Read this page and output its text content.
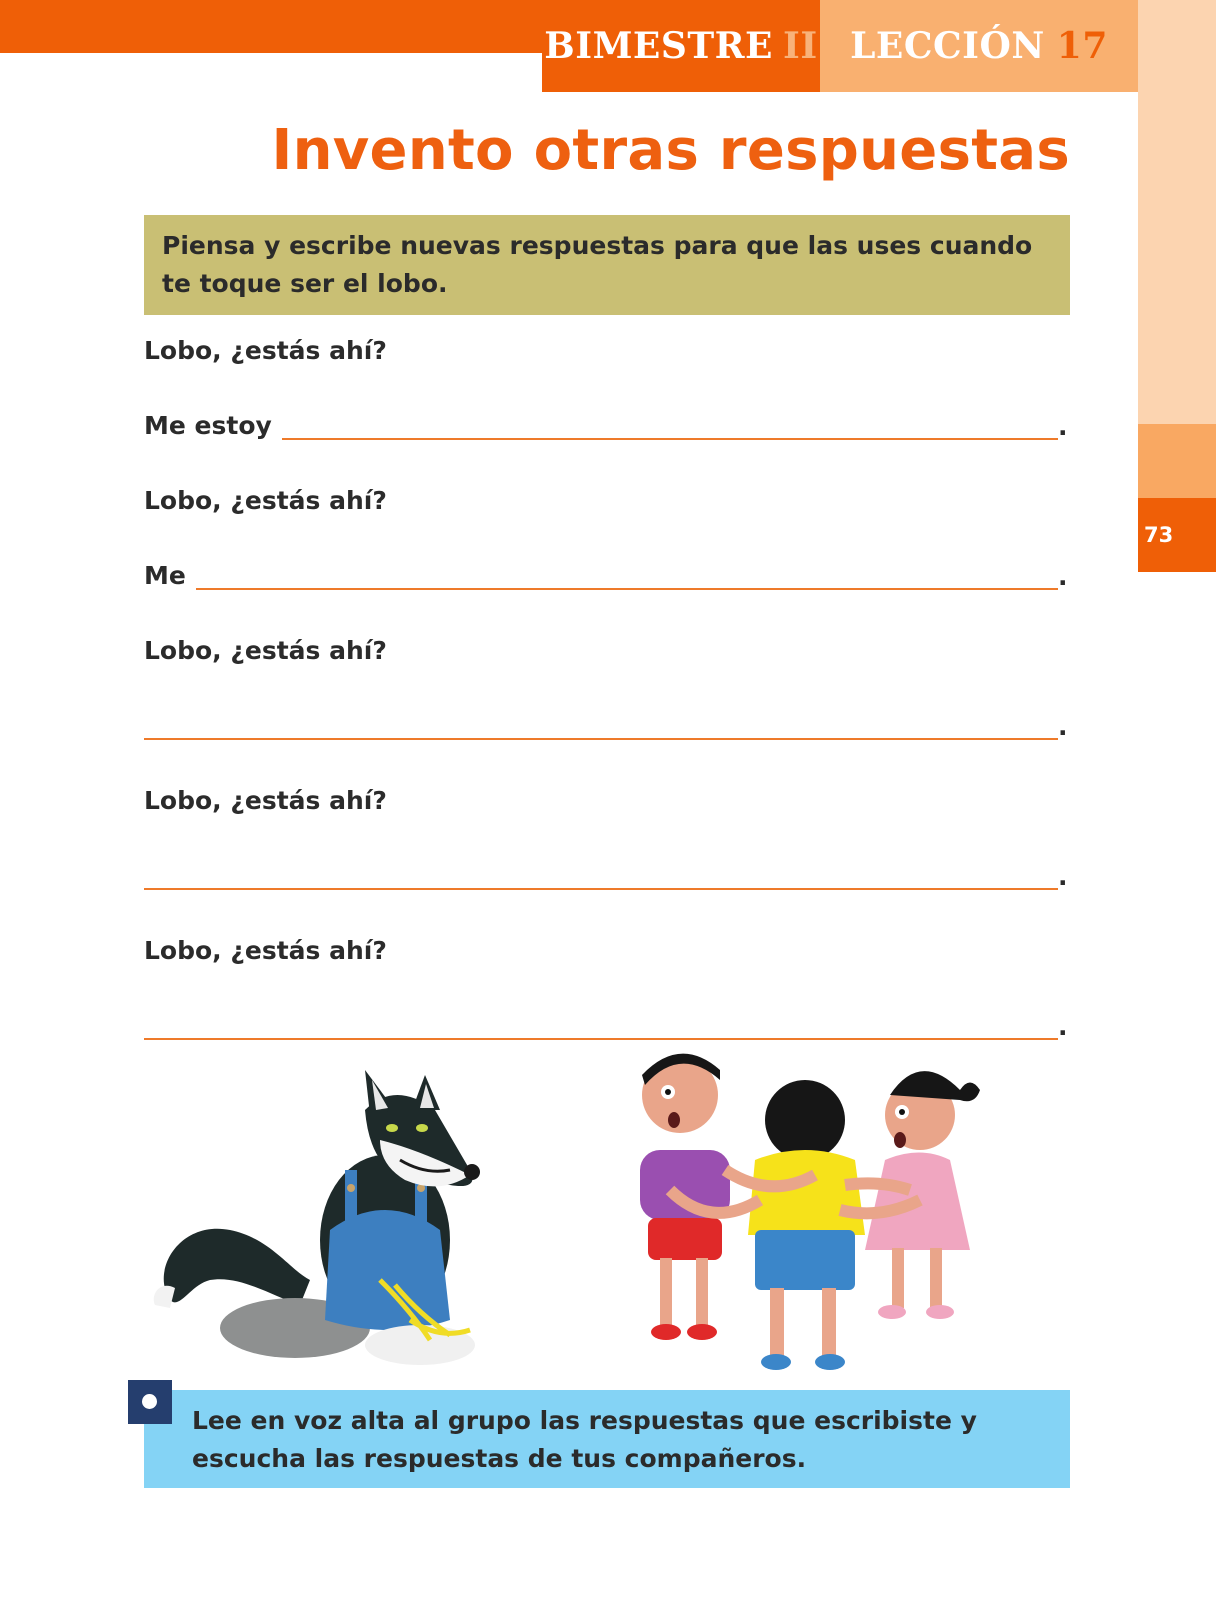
BIMESTRE II LECCIÓN 17
73
Invento otras respuestas
Piensa y escribe nuevas respuestas para que las uses cuando te toque ser el lobo.
Lobo, ¿estás ahí?
Me estoy	.
Lobo, ¿estás ahí?
Me	.
Lobo, ¿estás ahí?
.
Lobo, ¿estás ahí?
.
Lobo, ¿estás ahí?
.
Lee en voz alta al grupo las respuestas que escribiste y escucha las respuestas de tus compañeros.
